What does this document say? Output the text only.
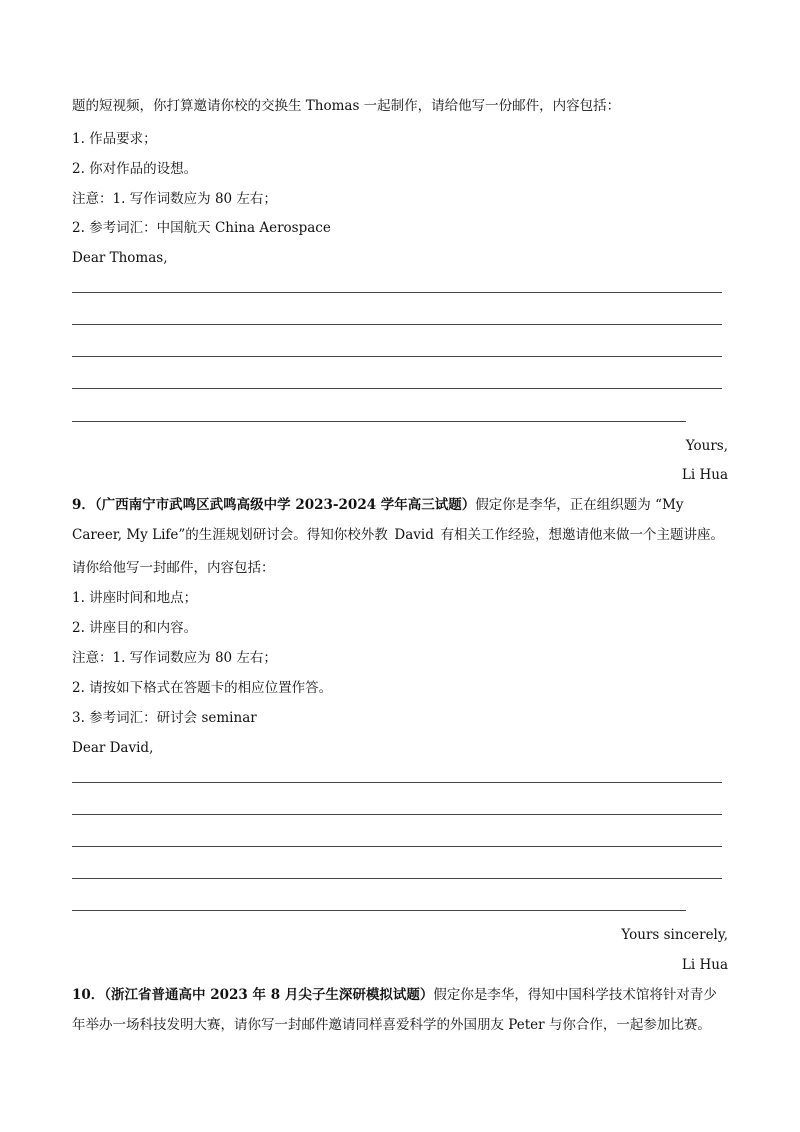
题的短视频，你打算邀请你校的交换生 Thomas 一起制作，请给他写一份邮件，内容包括：
1. 作品要求；
2. 你对作品的设想。
注意：1. 写作词数应为 80 左右；
2. 参考词汇：中国航天 China Aerospace
Dear Thomas,
Yours,
Li Hua
9．（广西南宁市武鸣区武鸣高级中学 2023-2024 学年高三试题）假定你是李华，正在组织题为 “My
Career, My Life”的生涯规划研讨会。得知你校外教 David 有相关工作经验，想邀请他来做一个主题讲座。
请你给他写一封邮件，内容包括：
1. 讲座时间和地点；
2. 讲座目的和内容。
注意：1. 写作词数应为 80 左右；
2. 请按如下格式在答题卡的相应位置作答。
3. 参考词汇：研讨会 seminar
Dear David,
Yours sincerely,
Li Hua
10．（浙江省普通高中 2023 年 8 月尖子生深研模拟试题）假定你是李华，得知中国科学技术馆将针对青少
年举办一场科技发明大赛，请你写一封邮件邀请同样喜爱科学的外国朋友 Peter 与你合作，一起参加比赛。
